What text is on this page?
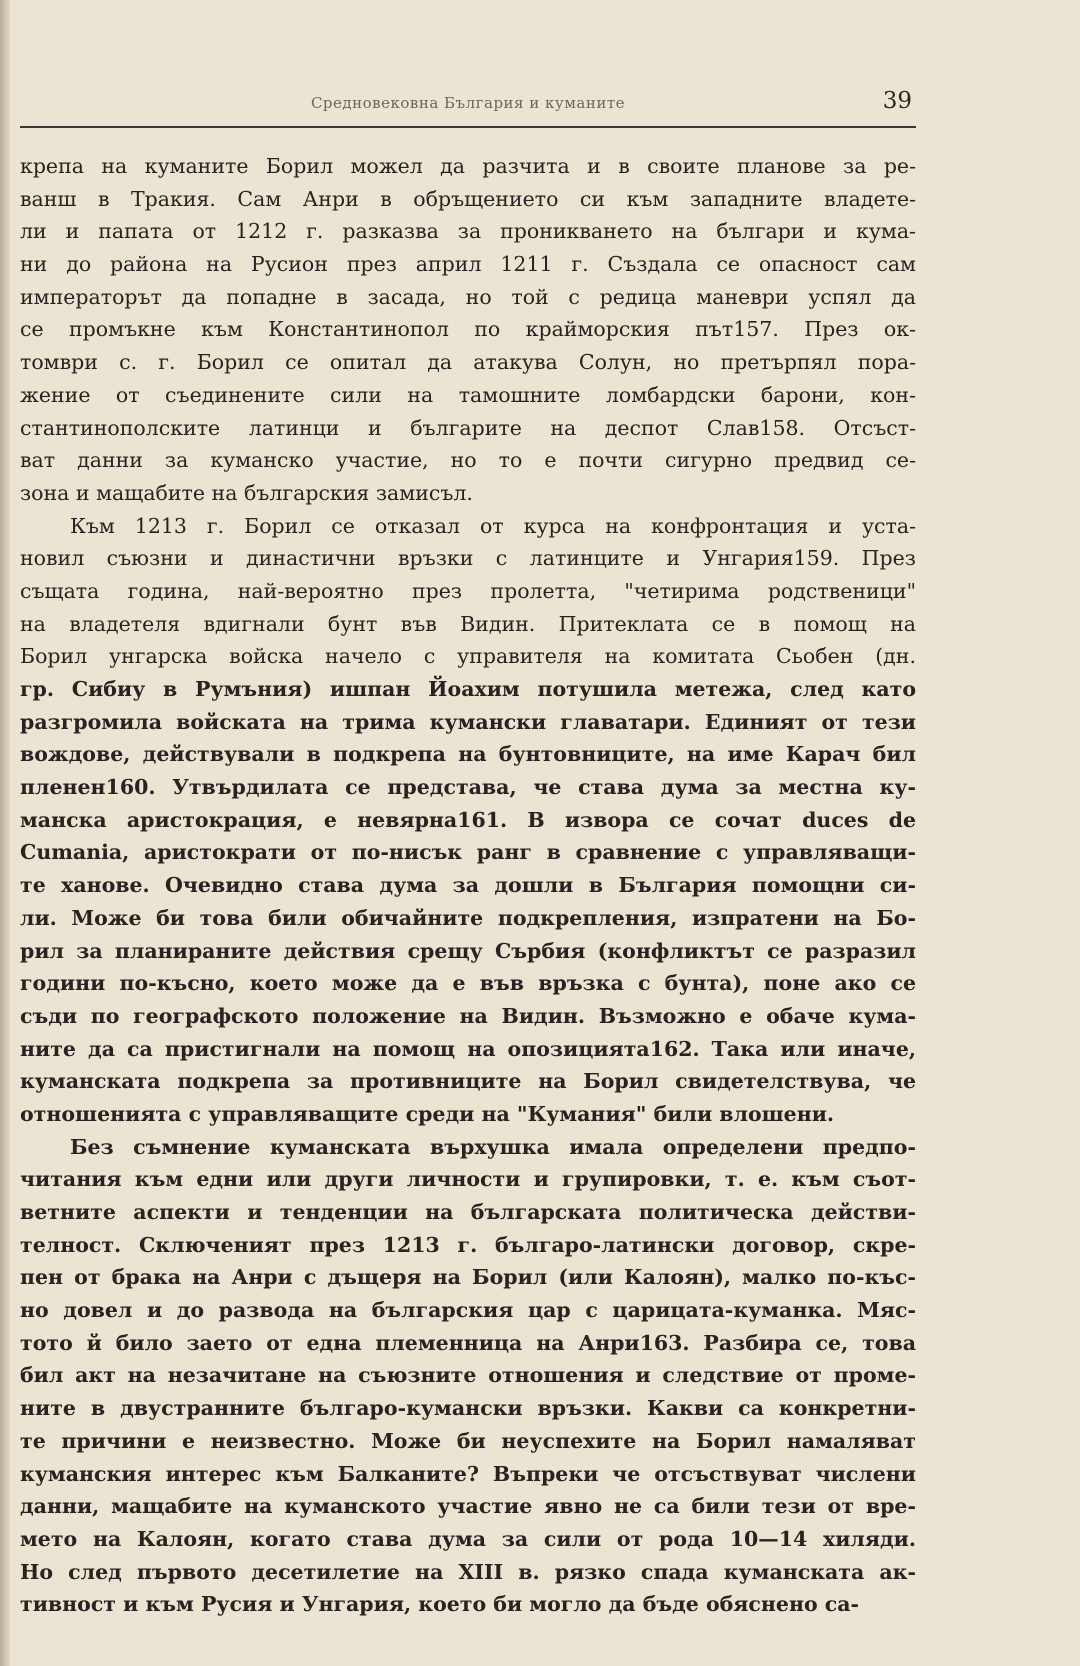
Средновековна България и куманите	39
крепа на куманите Борил можел да разчита и в своите планове за ре-
ванш в Тракия. Сам Анри в обръщението си към западните владете-
ли и папата от 1212 г. разказва за проникването на българи и кума-
ни до района на Русион през април 1211 г. Създала се опасност сам
императорът да попадне в засада, но той с редица маневри успял да
се промъкне към Константинопол по крайморския път157. През ок-
томври с. г. Борил се опитал да атакува Солун, но претърпял пора-
жение от съединените сили на тамошните ломбардски барони, кон-
стантинополските латинци и българите на деспот Слав158. Отсъст-
ват данни за куманско участие, но то е почти сигурно предвид се-
зона и мащабите на българския замисъл.
Към 1213 г. Борил се отказал от курса на конфронтация и уста-
новил съюзни и династични връзки с латинците и Унгария159. През
същата година, най-вероятно през пролетта, "четирима родственици"
на владетеля вдигнали бунт във Видин. Притеклата се в помощ на
Борил унгарска войска начело с управителя на комитата Сьобен (дн.
гр. Сибиу в Румъния) ишпан Йоахим потушила метежа, след като
разгромила войската на трима кумански главатари. Единият от тези
вождове, действували в подкрепа на бунтовниците, на име Карач бил
пленен160. Утвърдилата се представа, че става дума за местна ку-
манска аристокрация, е невярна161. В извора се сочат duces de
Cumania, аристократи от по-нисък ранг в сравнение с управляващи-
те ханове. Очевидно става дума за дошли в България помощни си-
ли. Може би това били обичайните подкрепления, изпратени на Бо-
рил за планираните действия срещу Сърбия (конфликтът се разразил
години по-късно, което може да е във връзка с бунта), поне ако се
съди по географското положение на Видин. Възможно е обаче кума-
ните да са пристигнали на помощ на опозицията162. Така или иначе,
куманската подкрепа за противниците на Борил свидетелствува, че
отношенията с управляващите среди на "Кумания" били влошени.
Без съмнение куманската върхушка имала определени предпо-
читания към едни или други личности и групировки, т. е. към съот-
ветните аспекти и тенденции на българската политическа действи-
телност. Сключеният през 1213 г. българо-латински договор, скре-
пен от брака на Анри с дъщеря на Борил (или Калоян), малко по-къс-
но довел и до развода на българския цар с царицата-куманка. Мяс-
тото й било заето от една племенница на Анри163. Разбира се, това
бил акт на незачитане на съюзните отношения и следствие от проме-
ните в двустранните българо-кумански връзки. Какви са конкретни-
те причини е неизвестно. Може би неуспехите на Борил намаляват
куманския интерес към Балканите? Въпреки че отсъствуват числени
данни, мащабите на куманското участие явно не са били тези от вре-
мето на Калоян, когато става дума за сили от рода 10—14 хиляди.
Но след първото десетилетие на XIII в. рязко спада куманската ак-
тивност и към Русия и Унгария, което би могло да бъде обяснено са-
